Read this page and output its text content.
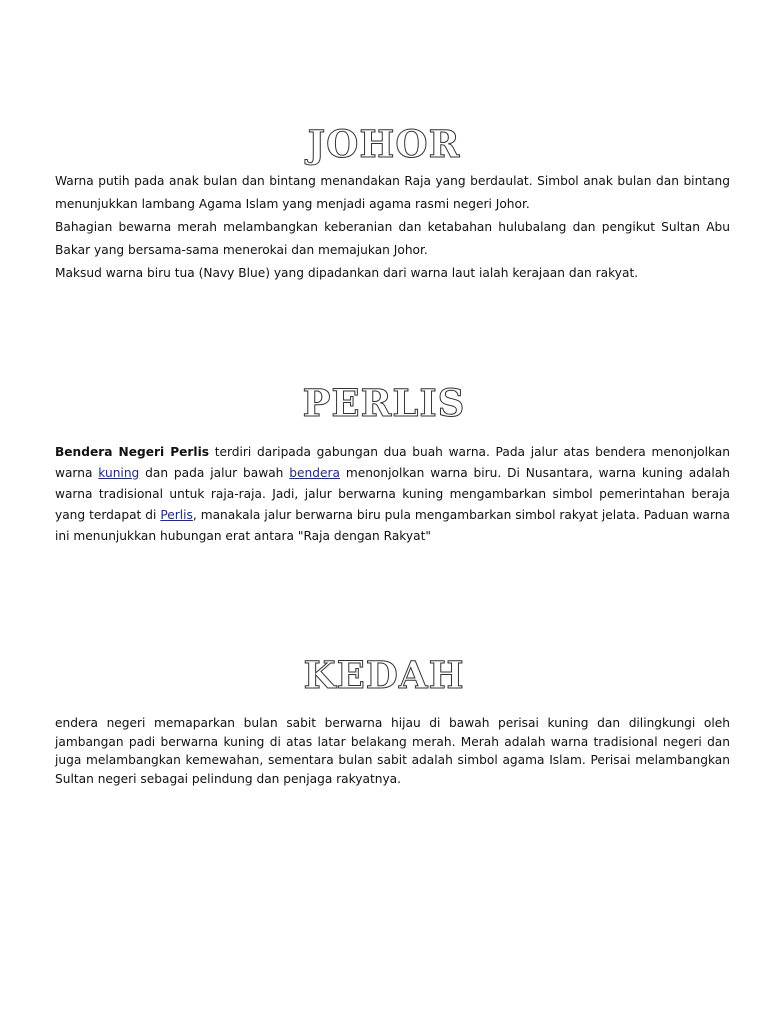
JOHOR

Warna putih pada anak bulan dan bintang menandakan Raja yang berdaulat. Simbol anak bulan dan bintang menunjukkan lambang Agama Islam yang menjadi agama rasmi negeri Johor.

Bahagian bewarna merah melambangkan keberanian dan ketabahan hulubalang dan pengikut Sultan Abu Bakar yang bersama-sama menerokai dan memajukan Johor.

Maksud warna biru tua (Navy Blue) yang dipadankan dari warna laut ialah kerajaan dan rakyat.

PERLIS

Bendera Negeri Perlis terdiri daripada gabungan dua buah warna. Pada jalur atas bendera menonjolkan warna kuning dan pada jalur bawah bendera menonjolkan warna biru. Di Nusantara, warna kuning adalah warna tradisional untuk raja-raja. Jadi, jalur berwarna kuning mengambarkan simbol pemerintahan beraja yang terdapat di Perlis, manakala jalur berwarna biru pula mengambarkan simbol rakyat jelata. Paduan warna ini menunjukkan hubungan erat antara "Raja dengan Rakyat"

KEDAH

endera negeri memaparkan bulan sabit berwarna hijau di bawah perisai kuning dan dilingkungi oleh jambangan padi berwarna kuning di atas latar belakang merah. Merah adalah warna tradisional negeri dan juga melambangkan kemewahan, sementara bulan sabit adalah simbol agama Islam. Perisai melambangkan Sultan negeri sebagai pelindung dan penjaga rakyatnya.
